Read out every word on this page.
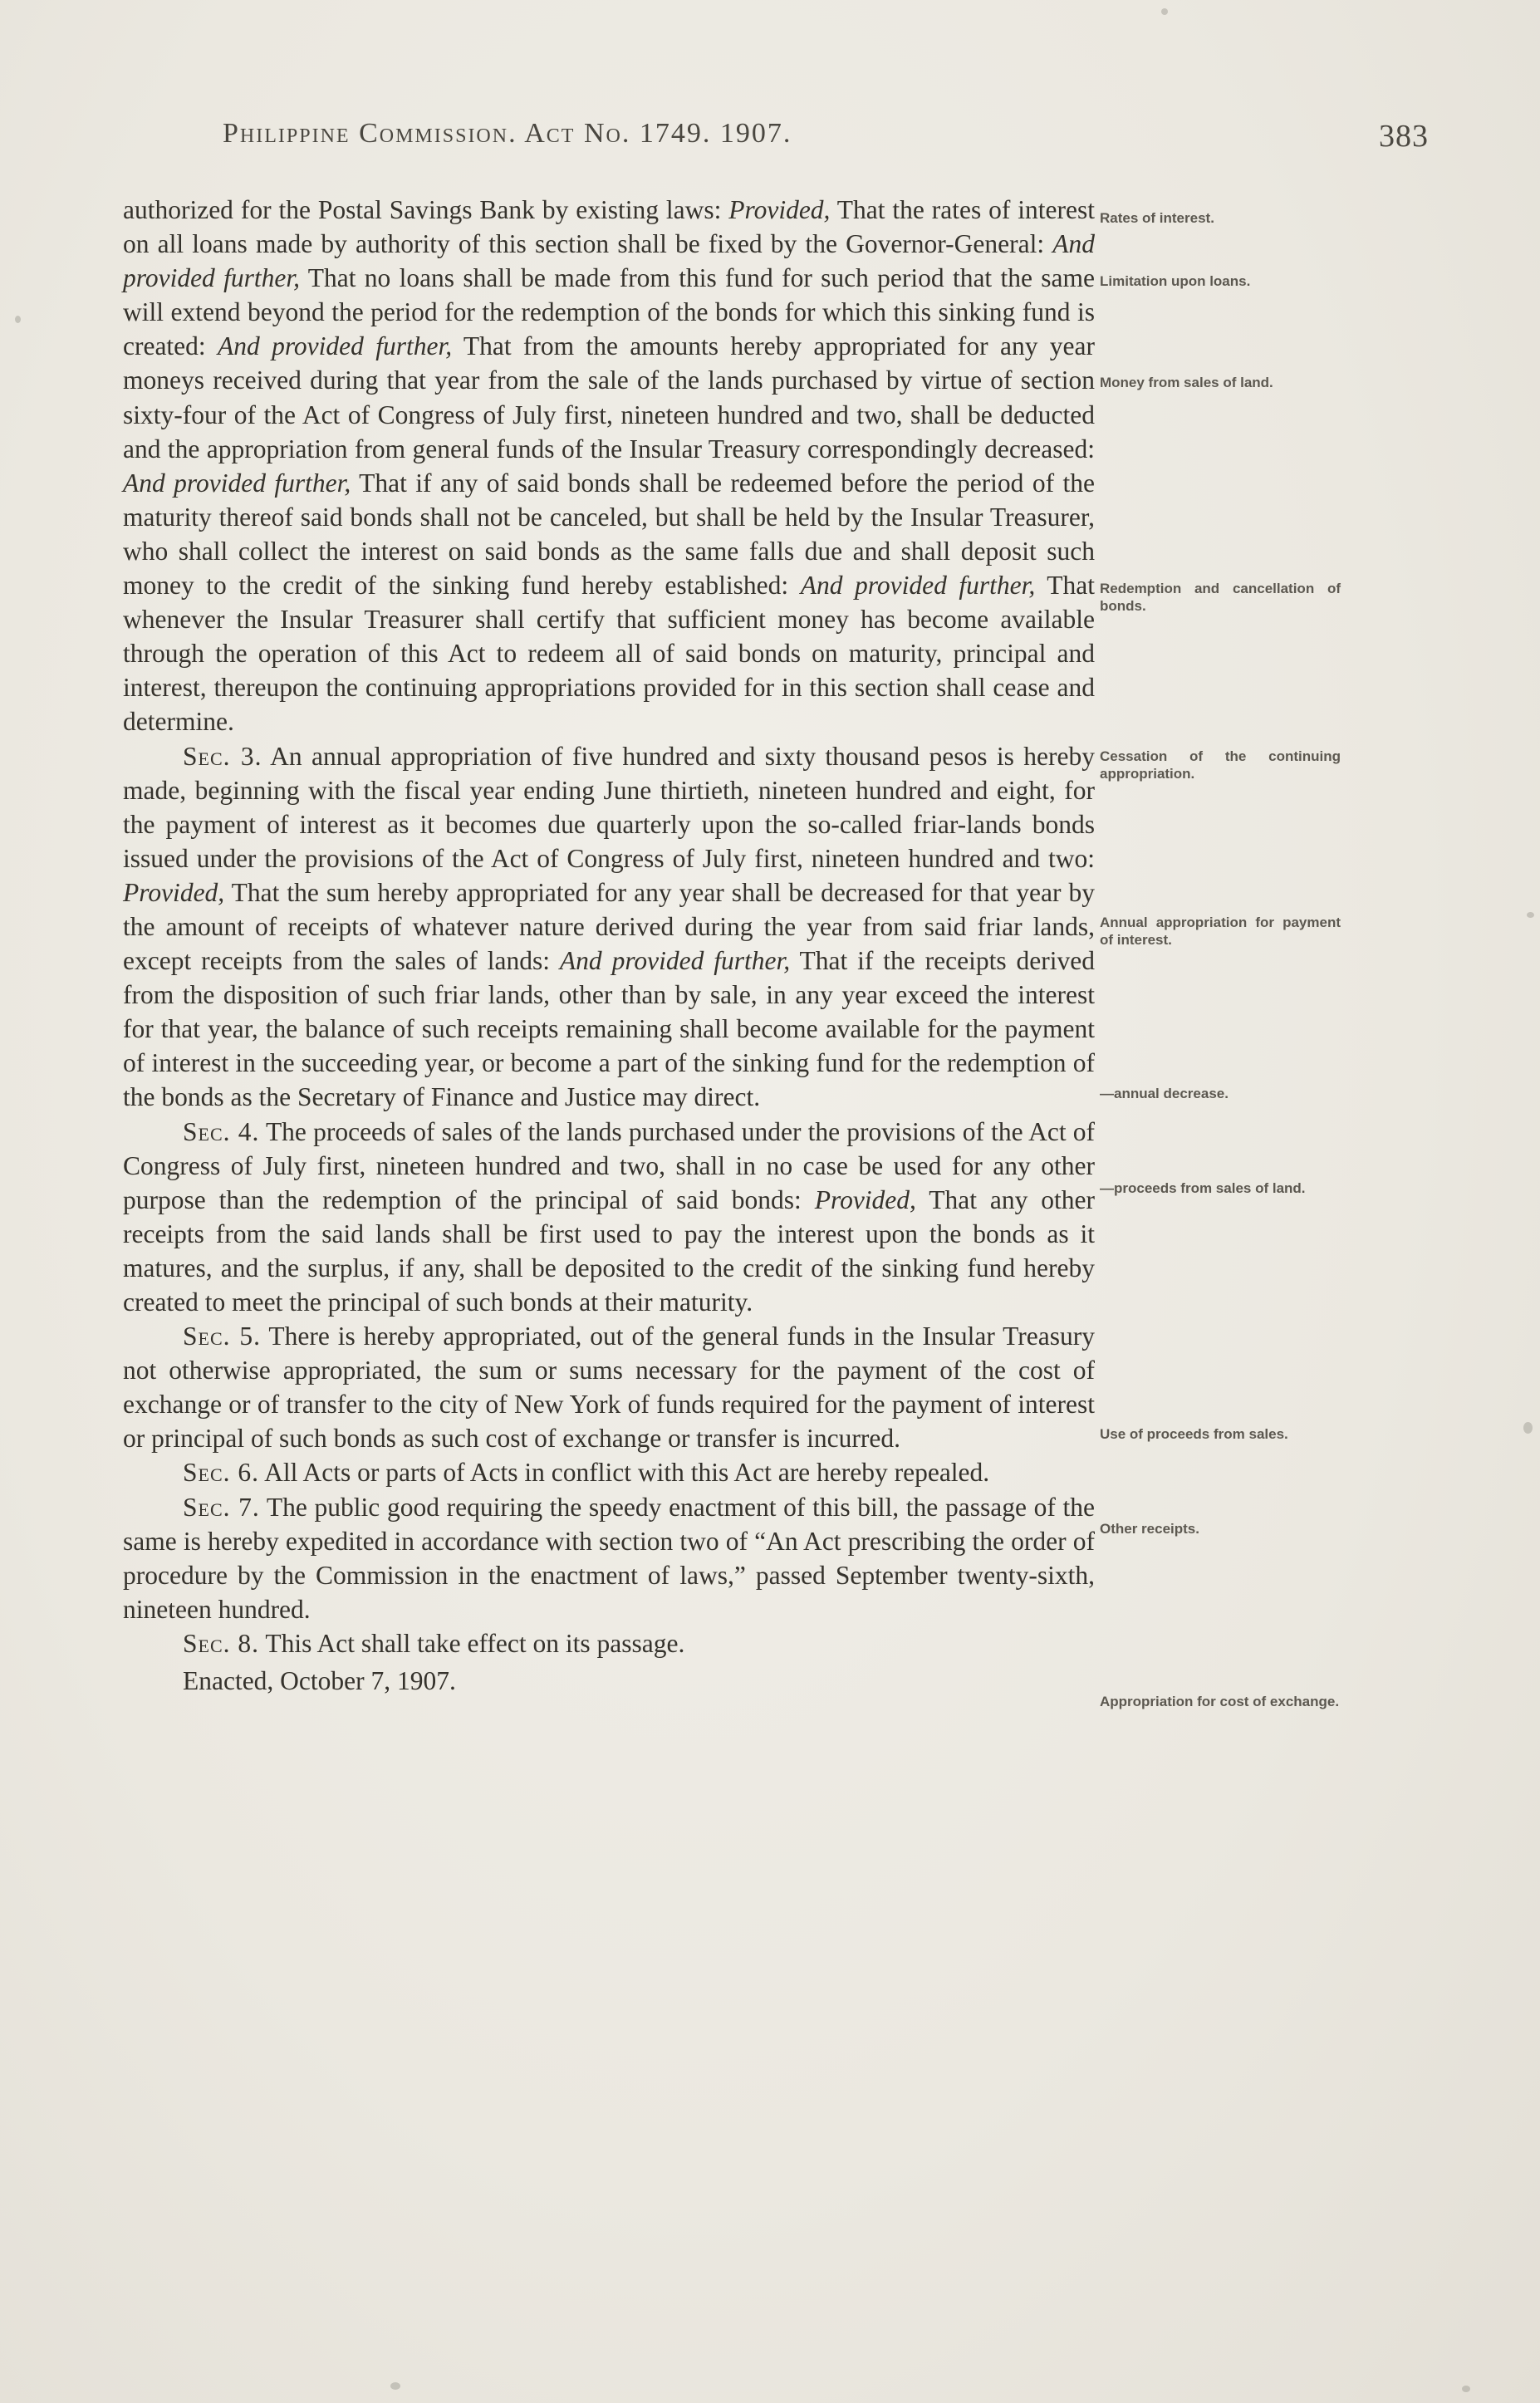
Philippine Commission. Act No. 1749. 1907.	383

authorized for the Postal Savings Bank by existing laws: Provided, That the rates of interest on all loans made by authority of this section shall be fixed by the Governor-General: And provided further, That no loans shall be made from this fund for such period that the same will extend beyond the period for the redemption of the bonds for which this sinking fund is created: And provided further, That from the amounts hereby appropriated for any year moneys received during that year from the sale of the lands purchased by virtue of section sixty-four of the Act of Congress of July first, nineteen hundred and two, shall be deducted and the appropriation from general funds of the Insular Treasury correspondingly decreased: And provided further, That if any of said bonds shall be redeemed before the period of the maturity thereof said bonds shall not be canceled, but shall be held by the Insular Treasurer, who shall collect the interest on said bonds as the same falls due and shall deposit such money to the credit of the sinking fund hereby established: And provided further, That whenever the Insular Treasurer shall certify that sufficient money has become available through the operation of this Act to redeem all of said bonds on maturity, principal and interest, thereupon the continuing appropriations provided for in this section shall cease and determine.

Sec. 3. An annual appropriation of five hundred and sixty thousand pesos is hereby made, beginning with the fiscal year ending June thirtieth, nineteen hundred and eight, for the payment of interest as it becomes due quarterly upon the so-called friar-lands bonds issued under the provisions of the Act of Congress of July first, nineteen hundred and two: Provided, That the sum hereby appropriated for any year shall be decreased for that year by the amount of receipts of whatever nature derived during the year from said friar lands, except receipts from the sales of lands: And provided further, That if the receipts derived from the disposition of such friar lands, other than by sale, in any year exceed the interest for that year, the balance of such receipts remaining shall become available for the payment of interest in the succeeding year, or become a part of the sinking fund for the redemption of the bonds as the Secretary of Finance and Justice may direct.

Sec. 4. The proceeds of sales of the lands purchased under the provisions of the Act of Congress of July first, nineteen hundred and two, shall in no case be used for any other purpose than the redemption of the principal of said bonds: Provided, That any other receipts from the said lands shall be first used to pay the interest upon the bonds as it matures, and the surplus, if any, shall be deposited to the credit of the sinking fund hereby created to meet the principal of such bonds at their maturity.

Sec. 5. There is hereby appropriated, out of the general funds in the Insular Treasury not otherwise appropriated, the sum or sums necessary for the payment of the cost of exchange or of transfer to the city of New York of funds required for the payment of interest or principal of such bonds as such cost of exchange or transfer is incurred.

Sec. 6. All Acts or parts of Acts in conflict with this Act are hereby repealed.

Sec. 7. The public good requiring the speedy enactment of this bill, the passage of the same is hereby expedited in accordance with section two of “An Act prescribing the order of procedure by the Commission in the enactment of laws,” passed September twenty-sixth, nineteen hundred.

Sec. 8. This Act shall take effect on its passage.

Enacted, October 7, 1907.

Rates of interest.
Limitation upon loans.
Money from sales of land.
Redemption and cancellation of bonds.
Cessation of the continuing appropriation.
Annual appropriation for payment of interest.
—annual decrease.
—proceeds from sales of land.
Use of proceeds from sales.
Other receipts.
Appropriation for cost of exchange.
